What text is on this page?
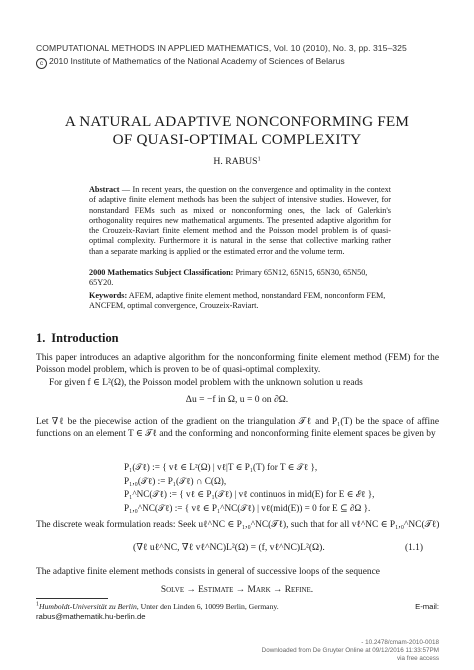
COMPUTATIONAL METHODS IN APPLIED MATHEMATICS, Vol. 10 (2010), No. 3, pp. 315–325
c 2010 Institute of Mathematics of the National Academy of Sciences of Belarus
A NATURAL ADAPTIVE NONCONFORMING FEM
OF QUASI-OPTIMAL COMPLEXITY
H. RABUS$^1$
Abstract — In recent years, the question on the convergence and optimality in the context of adaptive finite element methods has been the subject of intensive studies. However, for nonstandard FEMs such as mixed or nonconforming ones, the lack of Galerkin's orthogonality requires new mathematical arguments. The presented adaptive algorithm for the Crouzeix-Raviart finite element method and the Poisson model problem is of quasi-optimal complexity. Furthermore it is natural in the sense that collective marking rather than a separate marking is applied or the estimated error and the volume term.
2000 Mathematics Subject Classification: Primary 65N12, 65N15, 65N30, 65N50, 65Y20.
Keywords: AFEM, adaptive finite element method, nonstandard FEM, nonconform FEM, ANCFEM, optimal convergence, Crouzeix-Raviart.
1. Introduction
This paper introduces an adaptive algorithm for the nonconforming finite element method (FEM) for the Poisson model problem, which is proven to be of quasi-optimal complexity.
For given f ∈ L²(Ω), the Poisson model problem with the unknown solution u reads
Δu = −f in Ω, u = 0 on ∂Ω.
Let ∇ℓ be the piecewise action of the gradient on the triangulation 𝒯ℓ and P₁(T) be the space of affine functions on an element T ∈ 𝒯ℓ and the conforming and nonconforming finite element spaces be given by
P₁(𝒯ℓ) := { vℓ ∈ L²(Ω) | vℓ|T ∈ P₁(T) for T ∈ 𝒯ℓ },
P₁,₀(𝒯ℓ) := P₁(𝒯ℓ) ∩ C(Ω),
P₁^NC(𝒯ℓ) := { vℓ ∈ P₁(𝒯ℓ) | vℓ continuos in mid(E) for E ∈ ℰℓ },
P₁,₀^NC(𝒯ℓ) := { vℓ ∈ P₁^NC(𝒯ℓ) | vℓ(mid(E)) = 0 for E ⊆ ∂Ω }.
The discrete weak formulation reads: Seek uℓ^NC ∈ P₁,₀^NC(𝒯ℓ), such that for all vℓ^NC ∈ P₁,₀^NC(𝒯ℓ)
(∇ℓ uℓ^NC, ∇ℓ vℓ^NC)L²(Ω) = (f, vℓ^NC)L²(Ω).	(1.1)
The adaptive finite element methods consists in general of successive loops of the sequence
Solve → Estimate → Mark → Refine.
$^1$Humboldt-Universität zu Berlin, Unter den Linden 6, 10099 Berlin, Germany.	E-mail:

rabus@mathematik.hu-berlin.de
- 10.2478/cmam-2010-0018
Downloaded from De Gruyter Online at 09/12/2016 11:33:57PM
via free access
